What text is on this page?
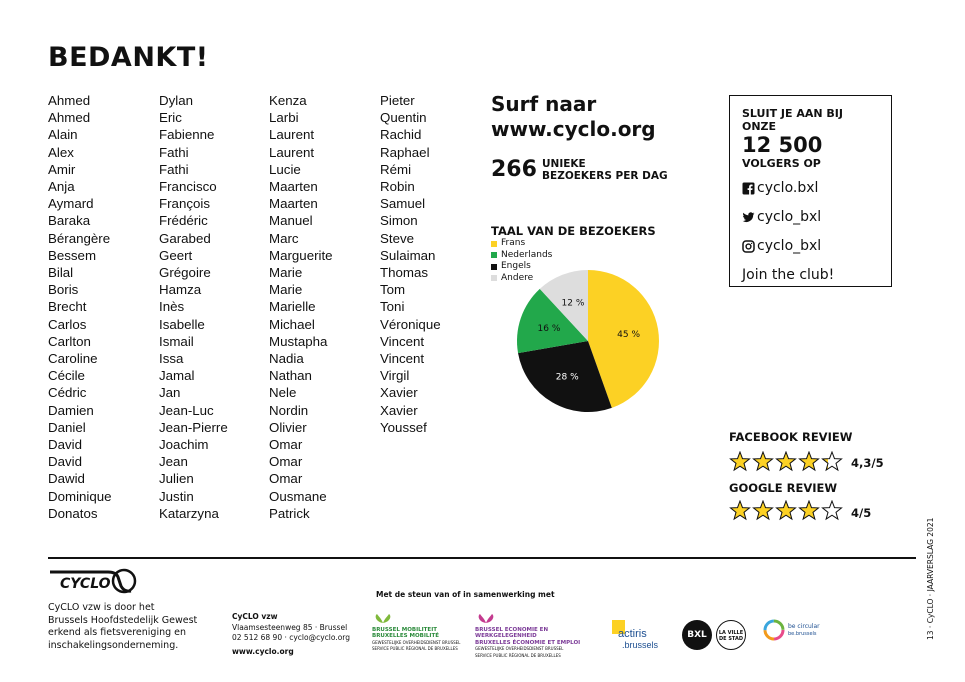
BEDANKT!
Ahmed
Ahmed
Alain
Alex
Amir
Anja
Aymard
Baraka
Bérangère
Bessem
Bilal
Boris
Brecht
Carlos
Carlton
Caroline
Cécile
Cédric
Damien
Daniel
David
David
Dawid
Dominique
Donatos
Dylan
Eric
Fabienne
Fathi
Fathi
Francisco
François
Frédéric
Garabed
Geert
Grégoire
Hamza
Inès
Isabelle
Ismail
Issa
Jamal
Jan
Jean-Luc
Jean-Pierre
Joachim
Jean
Julien
Justin
Katarzyna
Kenza
Larbi
Laurent
Laurent
Lucie
Maarten
Maarten
Manuel
Marc
Marguerite
Marie
Marie
Marielle
Michael
Mustapha
Nadia
Nathan
Nele
Nordin
Olivier
Omar
Omar
Omar
Ousmane
Patrick
Pieter
Quentin
Rachid
Raphael
Rémi
Robin
Samuel
Simon
Steve
Sulaiman
Thomas
Tom
Toni
Véronique
Vincent
Vincent
Virgil
Xavier
Xavier
Youssef
Surf naar
www.cyclo.org
266 UNIEKE
BEZOEKERS PER DAG
TAAL VAN DE BEZOEKERS
Frans
Nederlands
Engels
Andere
45 %
28 %
16 %
12 %
SLUIT JE AAN BIJ ONZE
12 500
VOLGERS OP
cyclo.bxl
cyclo_bxl
cyclo_bxl
Join the club!
FACEBOOK REVIEW
4,3/5
GOOGLE REVIEW
4/5
13 · CyCLO · JAARVERSLAG 2021
CYCLO
CyCLO vzw is door het
Brussels Hoofdstedelijk Gewest
erkend als fietsvereniging en
inschakelingsonderneming.
CyCLO vzw
Vlaamsesteenweg 85 · Brussel
02 512 68 90 · cyclo@cyclo.org
www.cyclo.org
Met de steun van of in samenwerking met
BRUSSEL MOBILITEIT
BRUXELLES MOBILITÉ
GEWESTELIJKE OVERHEIDSDIENST BRUSSEL
SERVICE PUBLIC RÉGIONAL DE BRUXELLES
BRUSSEL ECONOMIE EN WERKGELEGENHEID
BRUXELLES ÉCONOMIE ET EMPLOI
GEWESTELIJKE OVERHEIDSDIENST BRUSSEL
SERVICE PUBLIC RÉGIONAL DE BRUXELLES
actiris
.brussels
BXL	LA VILLE DE STAD
be circular
be.brussels
